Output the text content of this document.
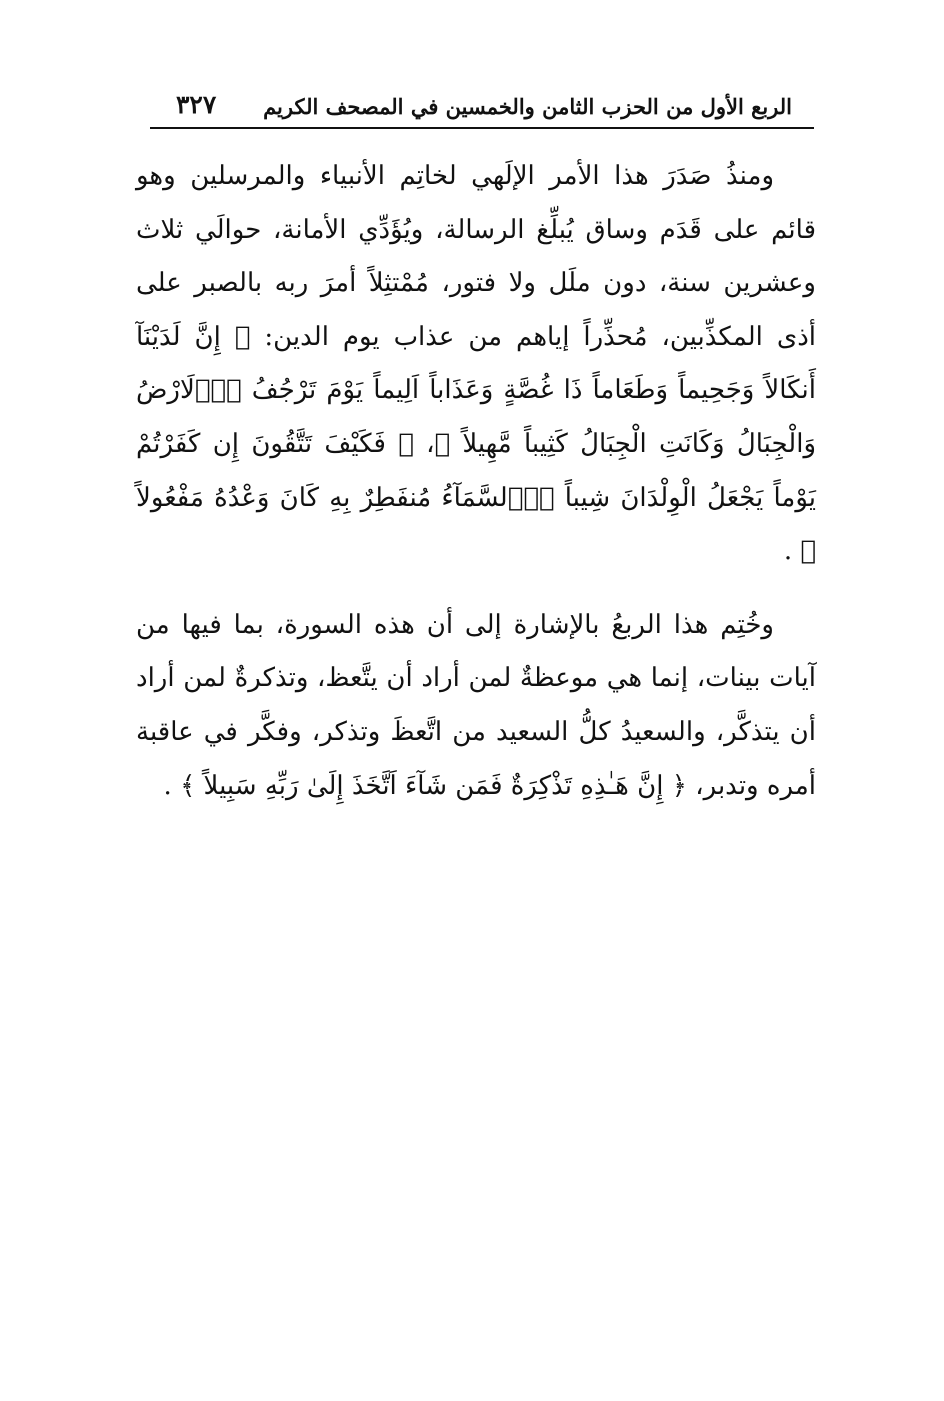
الربع الأول من الحزب الثامن والخمسين في المصحف الكريم
٣٢٧

ومنذُ صَدَرَ هذا الأمر الإلَهي لخاتِم الأنبياء والمرسلين وهو قائم على قَدَم وساق يُبلِّغ الرسالة، ويُؤَدِّي الأمانة، حوالَي ثلاث وعشرين سنة، دون ملَل ولا فتور، مُمْتثِلاً أمرَ ربه بالصبر على أذى المكذِّبين، مُحذِّراً إياهم من عذاب يوم الدين: ﴿ إِنَّ لَدَيْنَآ أَنكَالاً وَجَحِيماً وَطَعَاماً ذَا غُصَّةٍ وَعَذَاباً اَلِيماً يَوْمَ تَرْجُفُ اُ۬لَارْضُ وَالْجِبَالُ وَكَانَتِ الْجِبَالُ كَثِيباً مَّهِيلاً ﴾، ﴿ فَكَيْفَ تَتَّقُونَ إِن كَفَرْتُمْ يَوْماً يَجْعَلُ الْوِلْدَانَ شِيباً اِ۬لسَّمَآءُ مُنفَطِرٌ بِهِ كَانَ وَعْدُهُ مَفْعُولاً ﴾ .

وخُتِم هذا الربعُ بالإشارة إلى أن هذه السورة، بما فيها من آيات بينات، إنما هي موعظةٌ لمن أراد أن يتَّعظ، وتذكرةٌ لمن أراد أن يتذكَّر، والسعيدُ كلُّ السعيد من اتَّعظَ وتذكر، وفكَّر في عاقبة أمره وتدبر، ﴿ إِنَّ هَـٰذِهِ تَذْكِرَةٌ فَمَن شَآءَ اَتَّخَذَ إِلَىٰ رَبِّهِ سَبِيلاً ﴾ .
